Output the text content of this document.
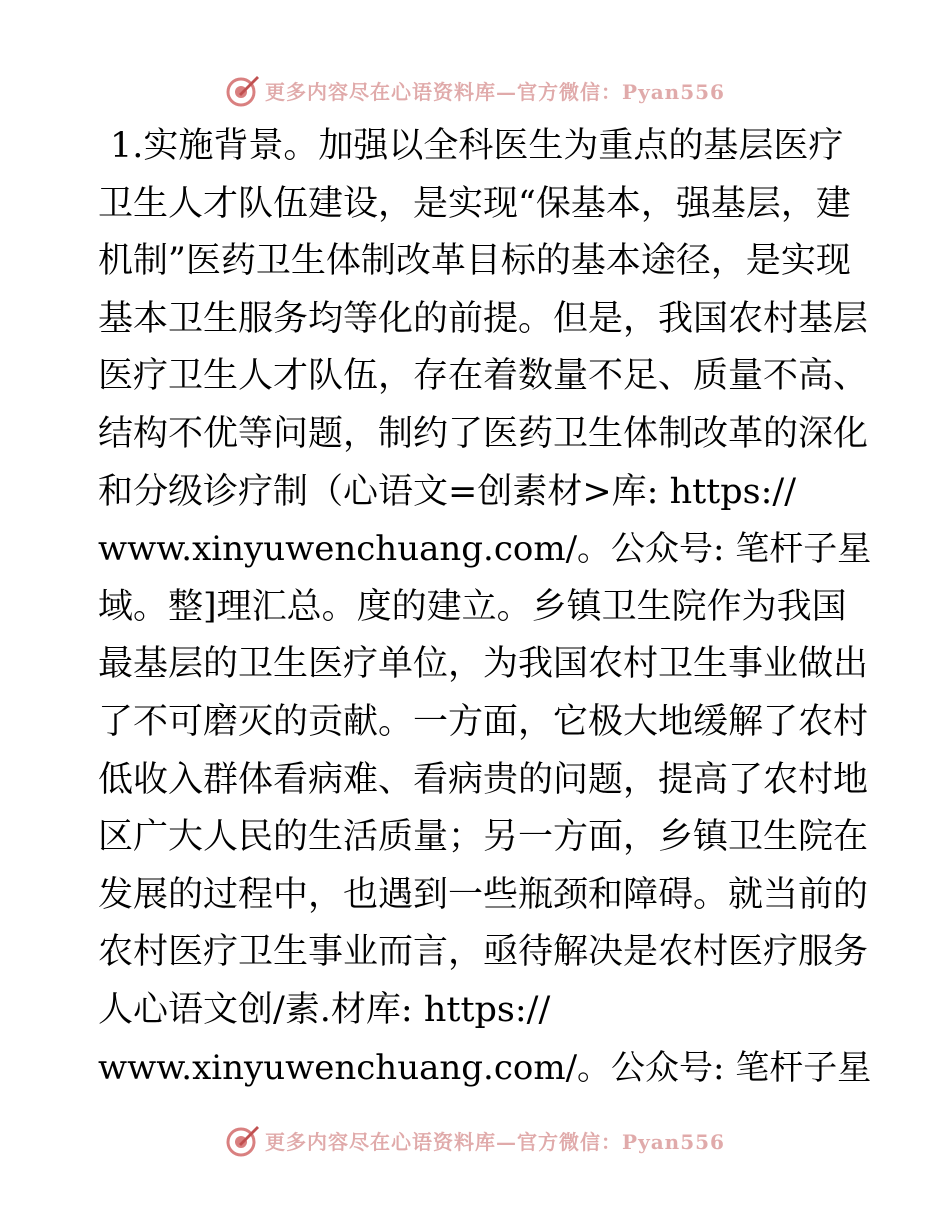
更多内容尽在心语资料库—官方微信：Pyan556
1.实施背景。加强以全科医生为重点的基层医疗
卫生人才队伍建设，是实现“保基本，强基层，建
机制”医药卫生体制改革目标的基本途径，是实现
基本卫生服务均等化的前提。但是，我国农村基层
医疗卫生人才队伍，存在着数量不足、质量不高、
结构不优等问题，制约了医药卫生体制改革的深化
和分级诊疗制（心语文=创素材>库: https://
www.xinyuwenchuang.com/。公众号: 笔杆子星
域。整]理汇总。度的建立。乡镇卫生院作为我国
最基层的卫生医疗单位，为我国农村卫生事业做出
了不可磨灭的贡献。一方面，它极大地缓解了农村
低收入群体看病难、看病贵的问题，提高了农村地
区广大人民的生活质量；另一方面，乡镇卫生院在
发展的过程中，也遇到一些瓶颈和障碍。就当前的
农村医疗卫生事业而言，亟待解决是农村医疗服务
人心语文创/素.材库: https://
www.xinyuwenchuang.com/。公众号: 笔杆子星
更多内容尽在心语资料库—官方微信：Pyan556
